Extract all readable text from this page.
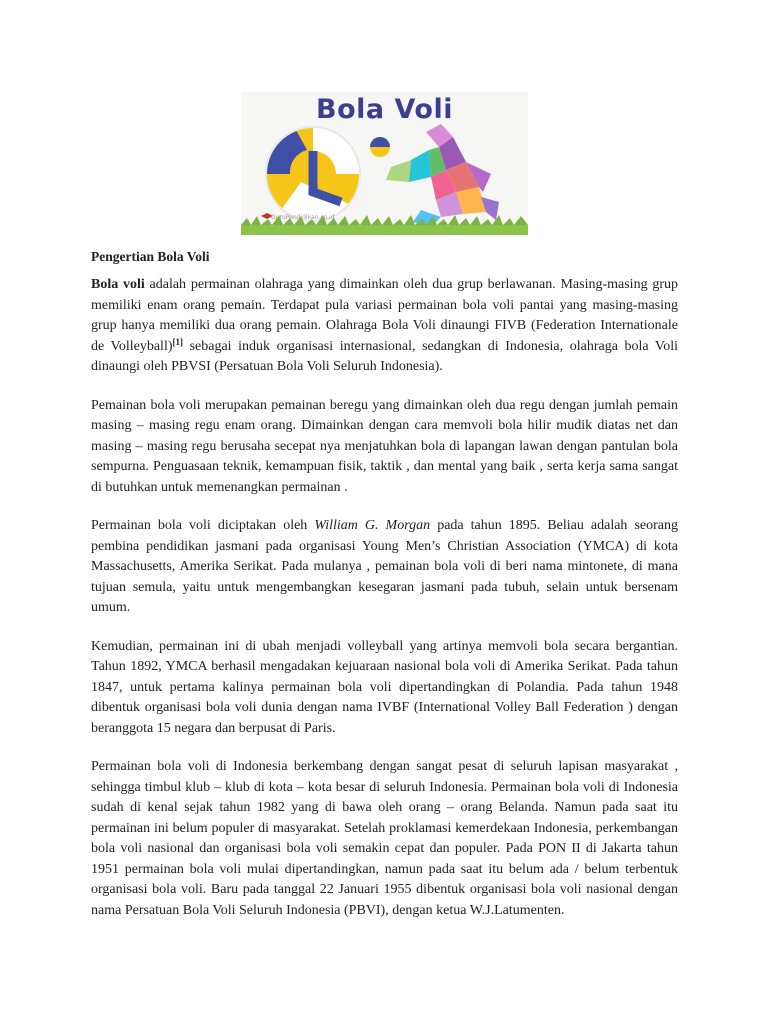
Bola Voli
GuruPendidikan.co.id
Pengertian Bola Voli

Bola voli adalah permainan olahraga yang dimainkan oleh dua grup berlawanan. Masing-masing grup memiliki enam orang pemain. Terdapat pula variasi permainan bola voli pantai yang masing-masing grup hanya memiliki dua orang pemain. Olahraga Bola Voli dinaungi FIVB (Federation Internationale de Volleyball)[1] sebagai induk organisasi internasional, sedangkan di Indonesia, olahraga bola Voli dinaungi oleh PBVSI (Persatuan Bola Voli Seluruh Indonesia).

Pemainan bola voli merupakan pemainan beregu yang dimainkan oleh dua regu dengan jumlah pemain masing – masing regu enam orang. Dimainkan dengan cara memvoli bola hilir mudik diatas net dan masing – masing regu berusaha secepat nya menjatuhkan bola di lapangan lawan dengan pantulan bola sempurna. Penguasaan teknik, kemampuan fisik, taktik , dan mental yang baik , serta kerja sama sangat di butuhkan untuk memenangkan permainan .

Permainan bola voli diciptakan oleh William G. Morgan pada tahun 1895. Beliau adalah seorang pembina pendidikan jasmani pada organisasi Young Men’s Christian Association (YMCA) di kota Massachusetts, Amerika Serikat. Pada mulanya , pemainan bola voli di beri nama mintonete, di mana tujuan semula, yaitu untuk mengembangkan kesegaran jasmani pada tubuh, selain untuk bersenam umum.

Kemudian, permainan ini di ubah menjadi volleyball yang artinya memvoli bola secara bergantian. Tahun 1892, YMCA berhasil mengadakan kejuaraan nasional bola voli di Amerika Serikat. Pada tahun 1847, untuk pertama kalinya permainan bola voli dipertandingkan di Polandia. Pada tahun 1948 dibentuk organisasi bola voli dunia dengan nama IVBF (International Volley Ball Federation ) dengan beranggota 15 negara dan berpusat di Paris.

Permainan bola voli di Indonesia berkembang dengan sangat pesat di seluruh lapisan masyarakat , sehingga timbul klub – klub di kota – kota besar di seluruh Indonesia. Permainan bola voli di Indonesia sudah di kenal sejak tahun 1982 yang di bawa oleh orang – orang Belanda. Namun pada saat itu permainan ini belum populer di masyarakat. Setelah proklamasi kemerdekaan Indonesia, perkembangan bola voli nasional dan organisasi bola voli semakin cepat dan populer. Pada PON II di Jakarta tahun 1951 permainan bola voli mulai dipertandingkan, namun pada saat itu belum ada / belum terbentuk organisasi bola voli. Baru pada tanggal 22 Januari 1955 dibentuk organisasi bola voli nasional dengan nama Persatuan Bola Voli Seluruh Indonesia (PBVI), dengan ketua W.J.Latumenten.
